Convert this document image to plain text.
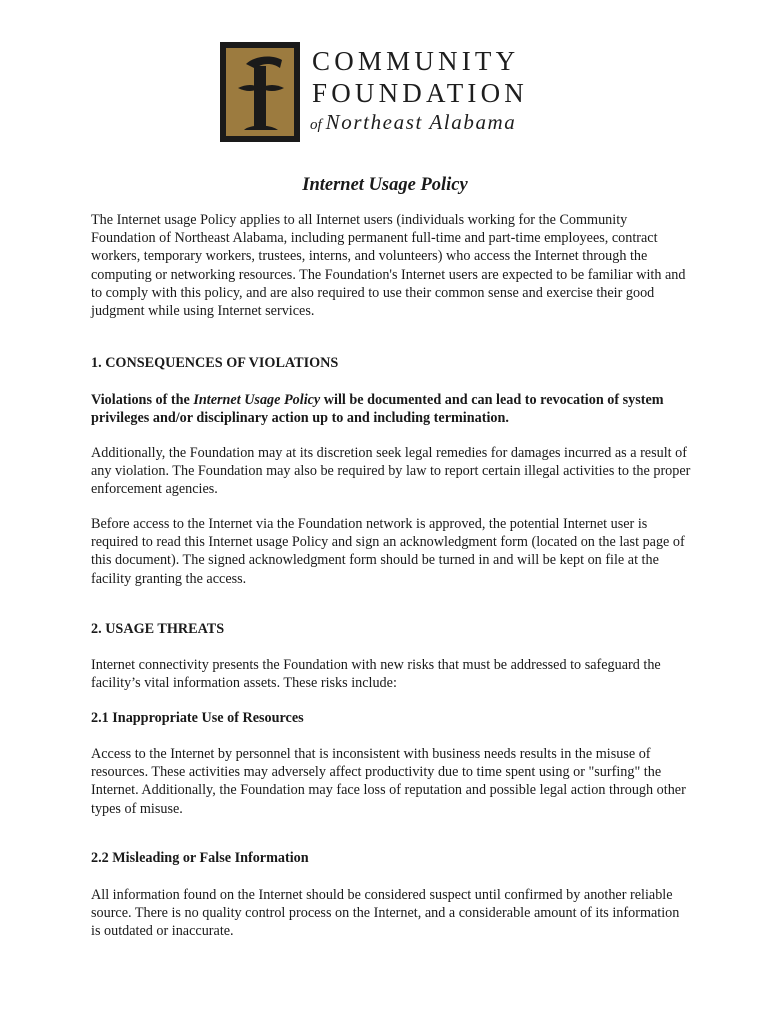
COMMUNITY
FOUNDATION
of Northeast Alabama
Internet Usage Policy

The Internet usage Policy applies to all Internet users (individuals working for the Community Foundation of Northeast Alabama, including permanent full-time and part-time employees, contract workers, temporary workers, trustees, interns, and volunteers) who access the Internet through the computing or networking resources. The Foundation's Internet users are expected to be familiar with and to comply with this policy, and are also required to use their common sense and exercise their good judgment while using Internet services.

1. CONSEQUENCES OF VIOLATIONS

Violations of the Internet Usage Policy will be documented and can lead to revocation of system privileges and/or disciplinary action up to and including termination.

Additionally, the Foundation may at its discretion seek legal remedies for damages incurred as a result of any violation. The Foundation may also be required by law to report certain illegal activities to the proper enforcement agencies.

Before access to the Internet via the Foundation network is approved, the potential Internet user is required to read this Internet usage Policy and sign an acknowledgment form (located on the last page of this document). The signed acknowledgment form should be turned in and will be kept on file at the facility granting the access.

2. USAGE THREATS

Internet connectivity presents the Foundation with new risks that must be addressed to safeguard the facility’s vital information assets. These risks include:

2.1 Inappropriate Use of Resources

Access to the Internet by personnel that is inconsistent with business needs results in the misuse of resources. These activities may adversely affect productivity due to time spent using or "surfing" the Internet. Additionally, the Foundation may face loss of reputation and possible legal action through other types of misuse.

2.2 Misleading or False Information

All information found on the Internet should be considered suspect until confirmed by another reliable source. There is no quality control process on the Internet, and a considerable amount of its information is outdated or inaccurate.
